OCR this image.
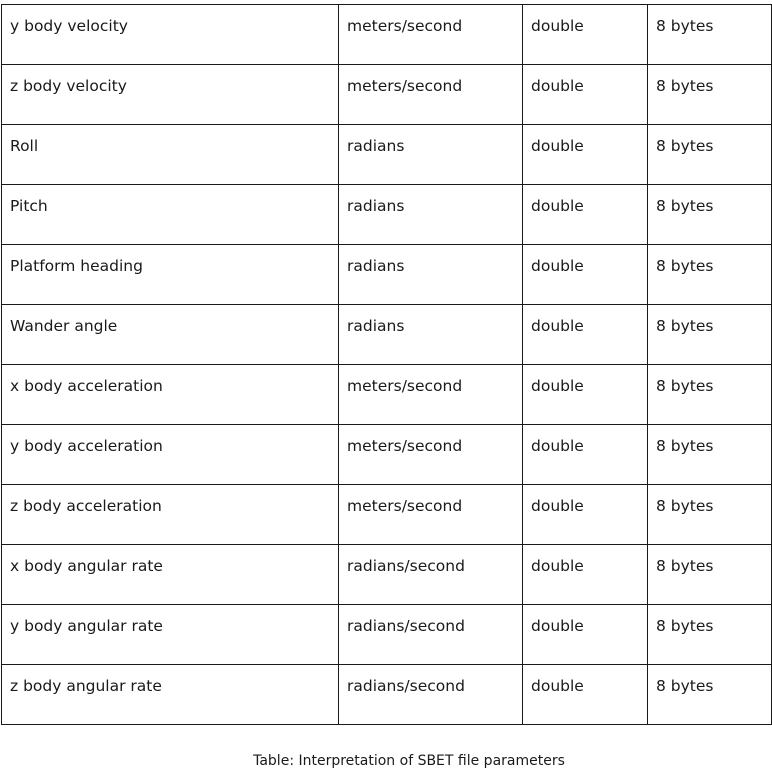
y body velocity	meters/second	double	8 bytes

z body velocity	meters/second	double	8 bytes

Roll	radians	double	8 bytes

Pitch	radians	double	8 bytes

Platform heading	radians	double	8 bytes

Wander angle	radians	double	8 bytes

x body acceleration	meters/second	double	8 bytes

y body acceleration	meters/second	double	8 bytes

z body acceleration	meters/second	double	8 bytes

x body angular rate	radians/second	double	8 bytes

y body angular rate	radians/second	double	8 bytes

z body angular rate	radians/second	double	8 bytes
Table: Interpretation of SBET file parameters
